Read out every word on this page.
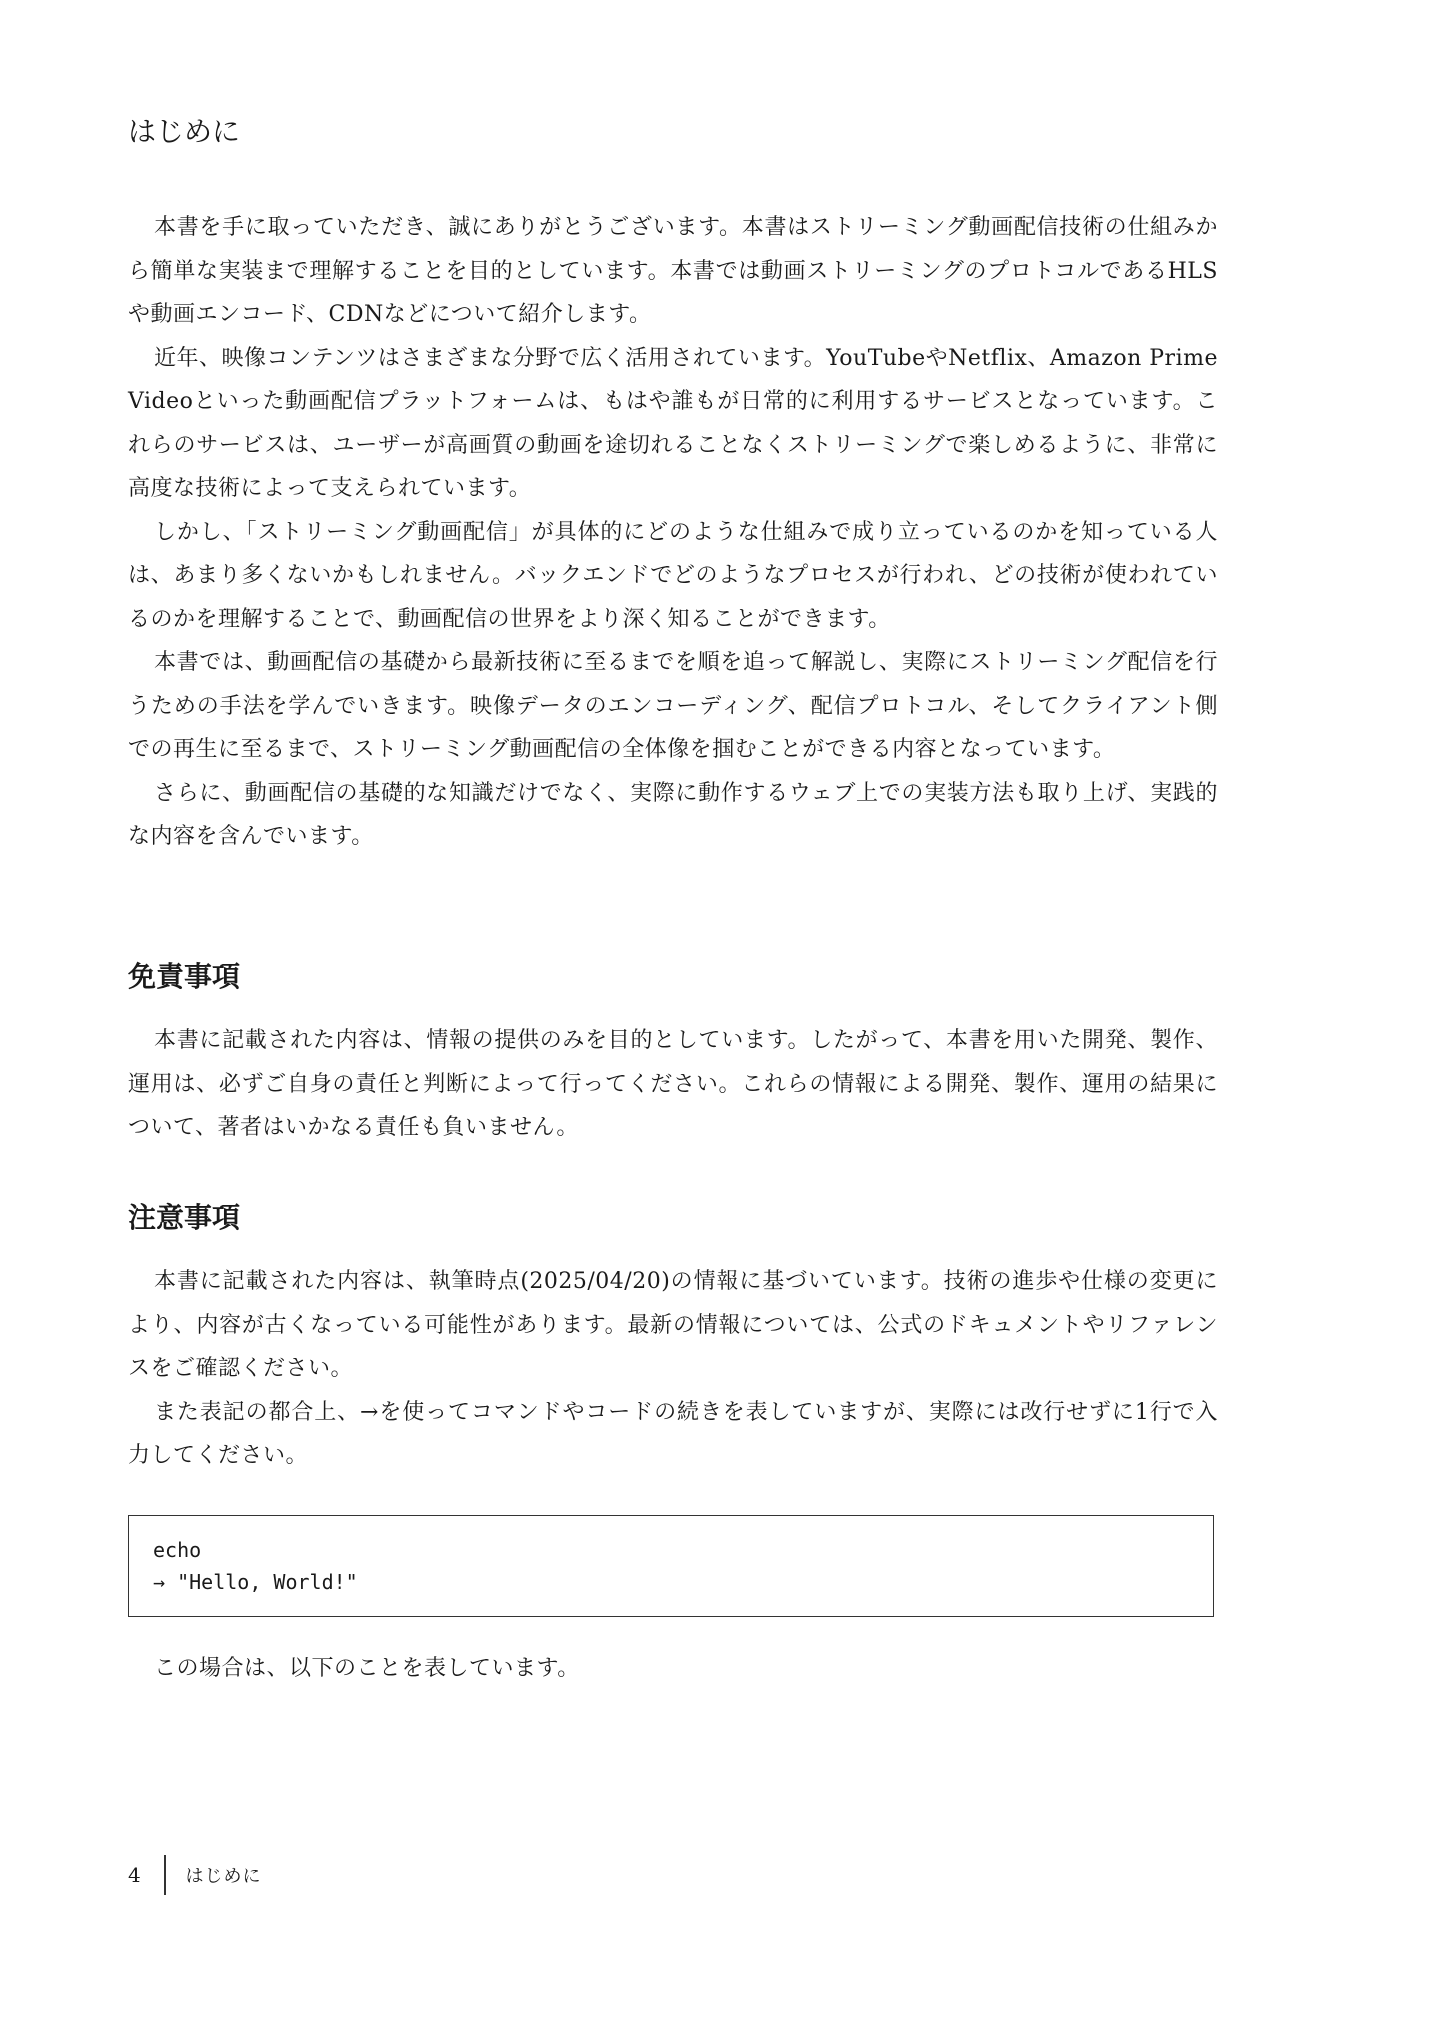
はじめに

本書を手に取っていただき、誠にありがとうございます。本書はストリーミング動画配信技術の仕組みから簡単な実装まで理解することを目的としています。本書では動画ストリーミングのプロトコルであるHLSや動画エンコード、CDNなどについて紹介します。

近年、映像コンテンツはさまざまな分野で広く活用されています。YouTubeやNetflix、Amazon Prime Videoといった動画配信プラットフォームは、もはや誰もが日常的に利用するサービスとなっています。これらのサービスは、ユーザーが高画質の動画を途切れることなくストリーミングで楽しめるように、非常に高度な技術によって支えられています。

しかし、「ストリーミング動画配信」が具体的にどのような仕組みで成り立っているのかを知っている人は、あまり多くないかもしれません。バックエンドでどのようなプロセスが行われ、どの技術が使われているのかを理解することで、動画配信の世界をより深く知ることができます。

本書では、動画配信の基礎から最新技術に至るまでを順を追って解説し、実際にストリーミング配信を行うための手法を学んでいきます。映像データのエンコーディング、配信プロトコル、そしてクライアント側での再生に至るまで、ストリーミング動画配信の全体像を掴むことができる内容となっています。

さらに、動画配信の基礎的な知識だけでなく、実際に動作するウェブ上での実装方法も取り上げ、実践的な内容を含んでいます。

免責事項

本書に記載された内容は、情報の提供のみを目的としています。したがって、本書を用いた開発、製作、運用は、必ずご自身の責任と判断によって行ってください。これらの情報による開発、製作、運用の結果について、著者はいかなる責任も負いません。

注意事項

本書に記載された内容は、執筆時点(2025/04/20)の情報に基づいています。技術の進歩や仕様の変更により、内容が古くなっている可能性があります。最新の情報については、公式のドキュメントやリファレンスをご確認ください。

また表記の都合上、→を使ってコマンドやコードの続きを表していますが、実際には改行せずに1行で入力してください。

echo
→ "Hello, World!"

この場合は、以下のことを表しています。

4	はじめに
